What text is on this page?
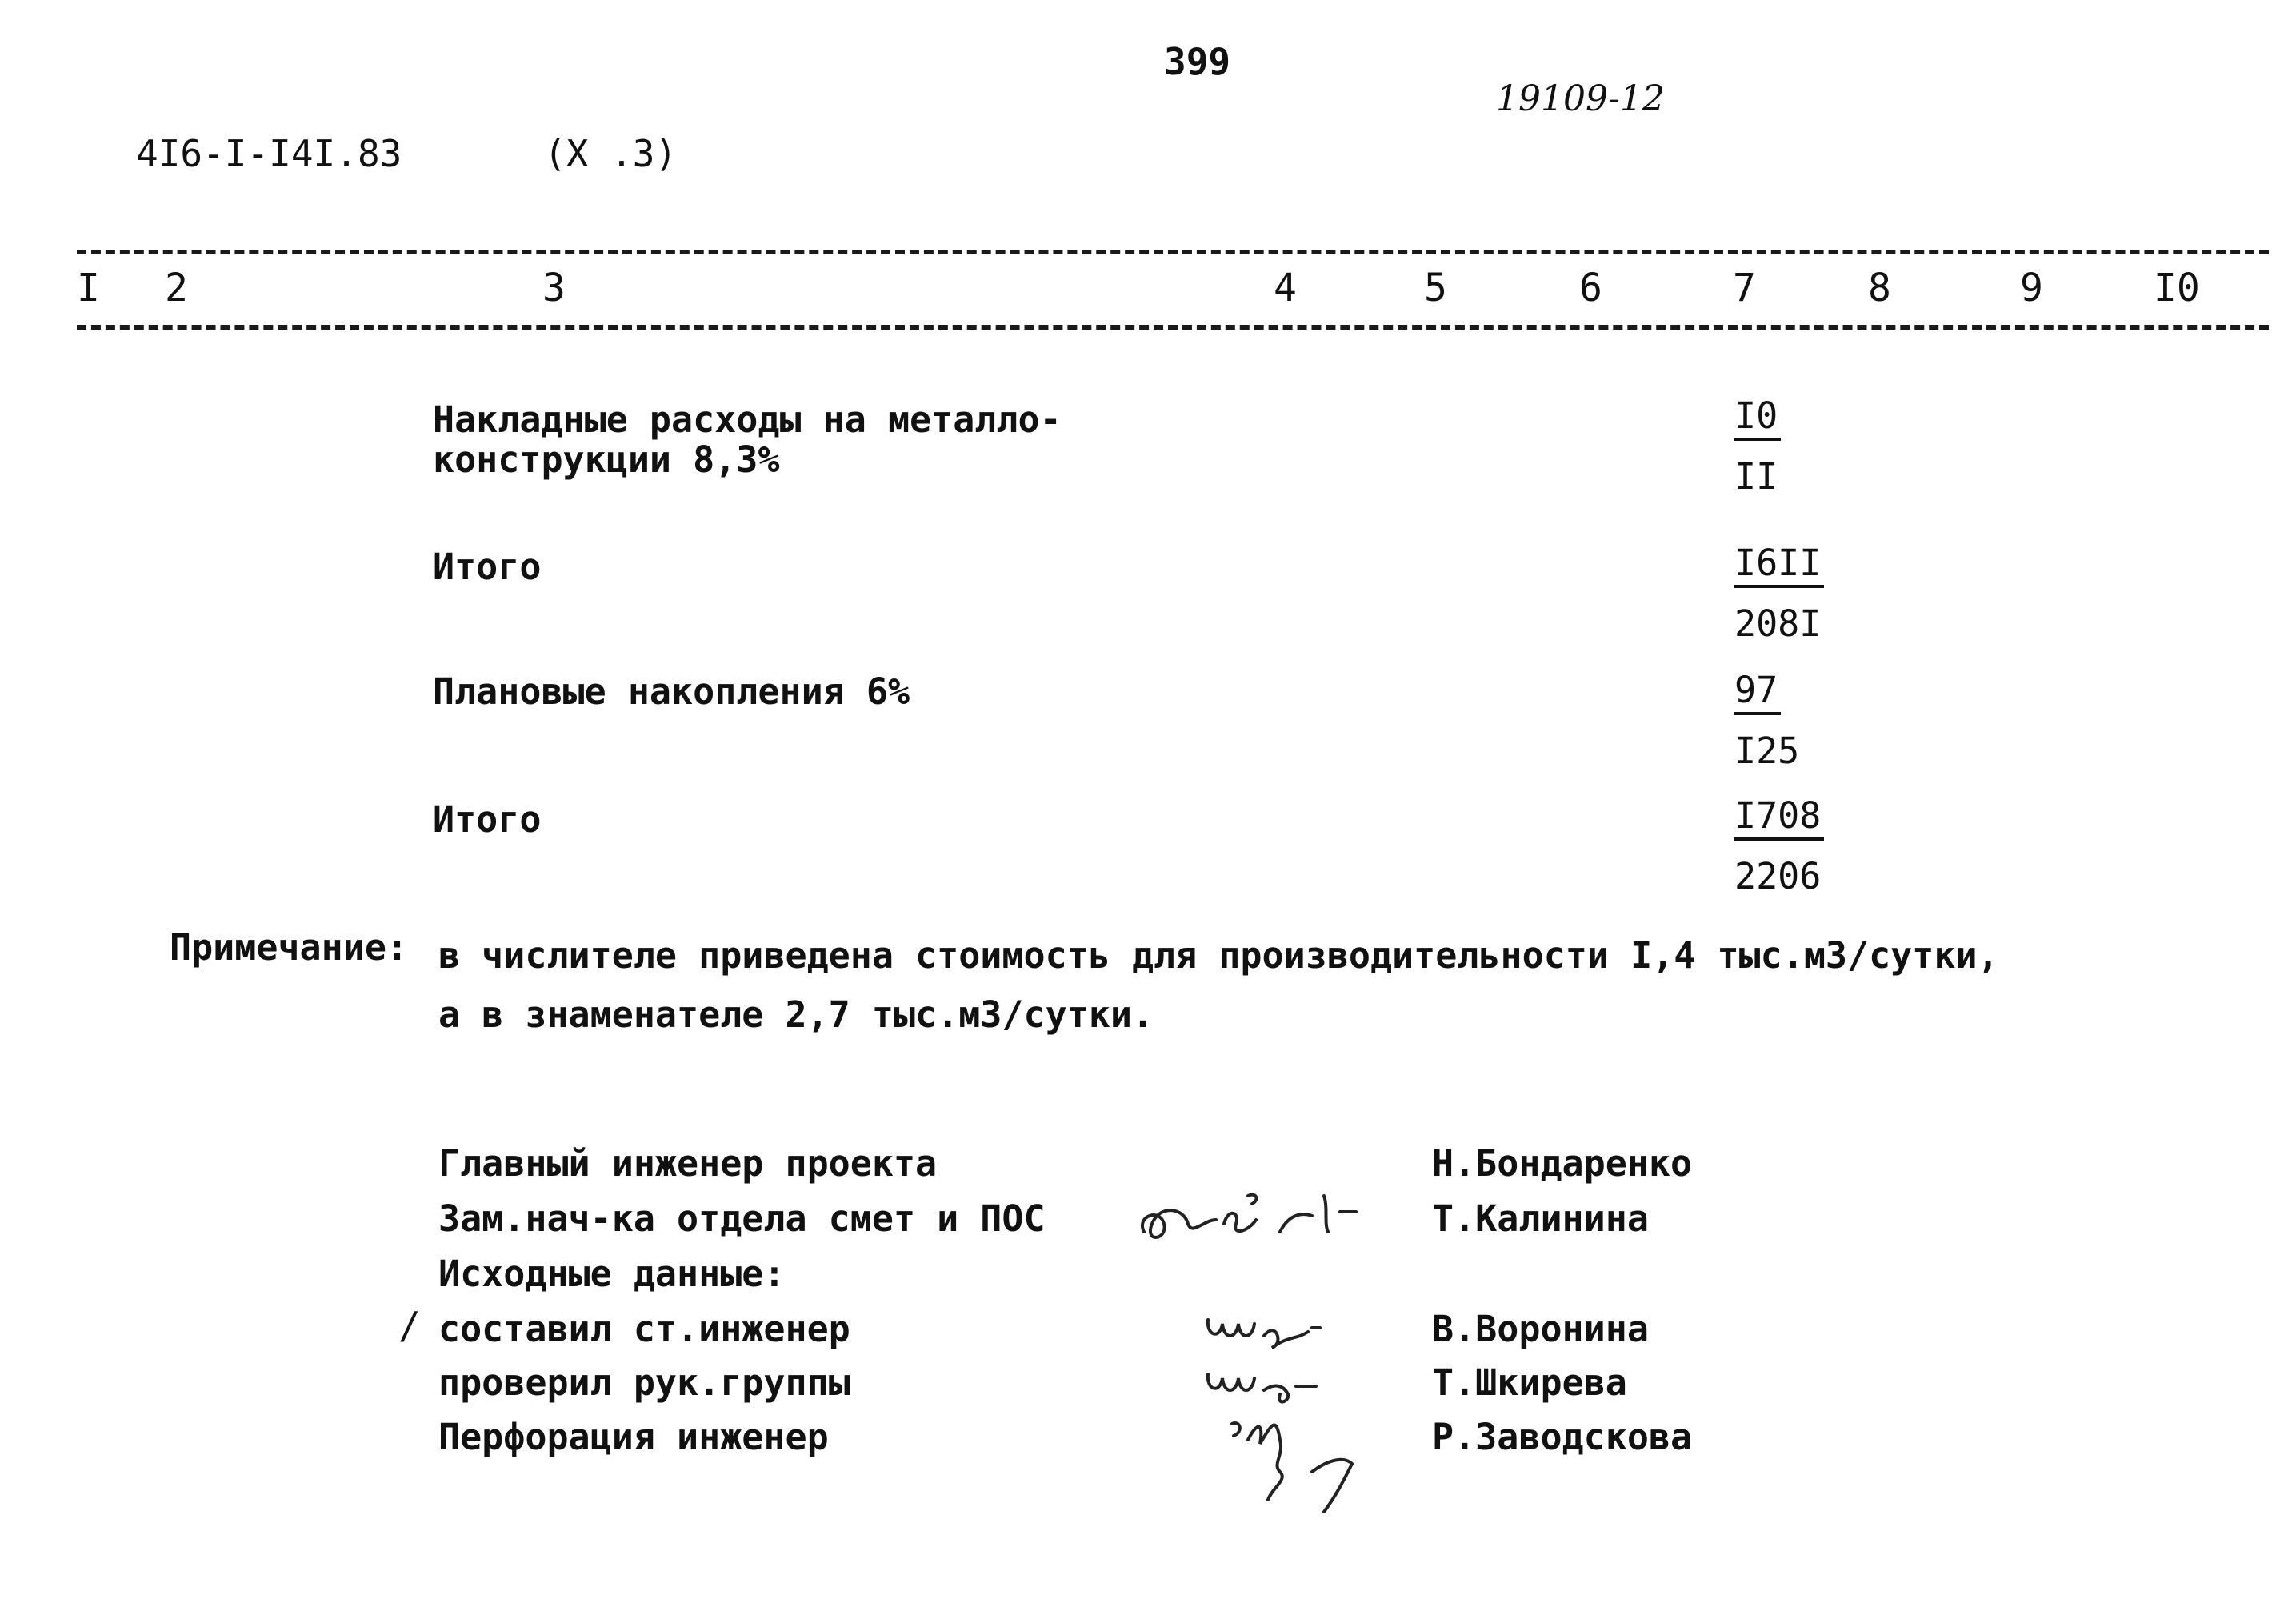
399
19109-12
4I6-I-I4I.83	(X .3)
I 2	3	4	5	6	7	8	9	I0
Накладные расходы на металло-
конструкции 8,3%	$\frac{I0}{II}$
Итого	$\frac{I6II}{208I}$
Плановые накопления 6%	$\frac{97}{I25}$
Итого	$\frac{I708}{2206}$
Примечание: в числителе приведена стоимость для производительности I,4 тыс.м3/сутки,
а в знаменателе 2,7 тыс.м3/сутки.
Главный инженер проекта	Н.Бондаренко
Зам.нач-ка отдела смет и ПОС	Т.Калинина
Исходные данные:
/ составил ст.инженер	В.Воронина
проверил рук.группы	Т.Шкирева
Перфорация инженер	Р.Заводскова
